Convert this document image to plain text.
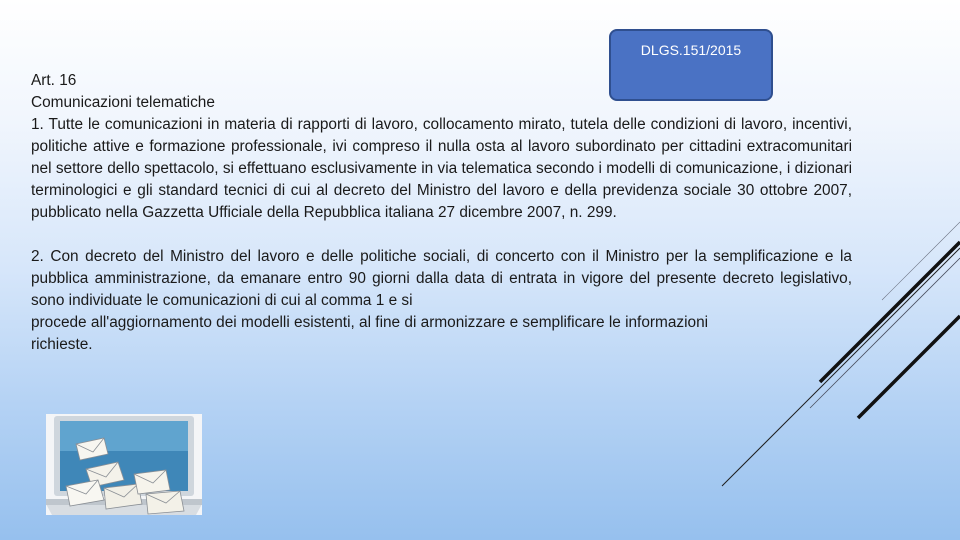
DLGS.151/2015

Art. 16

Comunicazioni telematiche

1. Tutte le comunicazioni in materia di rapporti di lavoro, collocamento mirato, tutela delle condizioni di lavoro, incentivi, politiche attive e formazione professionale, ivi compreso il nulla osta al lavoro subordinato per cittadini extracomunitari nel settore dello spettacolo, si effettuano esclusivamente in via telematica secondo i modelli di comunicazione, i dizionari terminologici e gli standard tecnici di cui al decreto del Ministro del lavoro e della previdenza sociale 30 ottobre 2007, pubblicato nella Gazzetta Ufficiale della Repubblica italiana 27 dicembre 2007, n. 299.

2. Con decreto del Ministro del lavoro e delle politiche sociali, di concerto con il Ministro per la semplificazione e la pubblica amministrazione, da emanare entro 90 giorni dalla data di entrata in vigore del presente decreto legislativo, sono individuate le comunicazioni di cui al comma 1 e si

procede all'aggiornamento dei modelli esistenti, al fine di armonizzare e semplificare le informazioni richieste.
